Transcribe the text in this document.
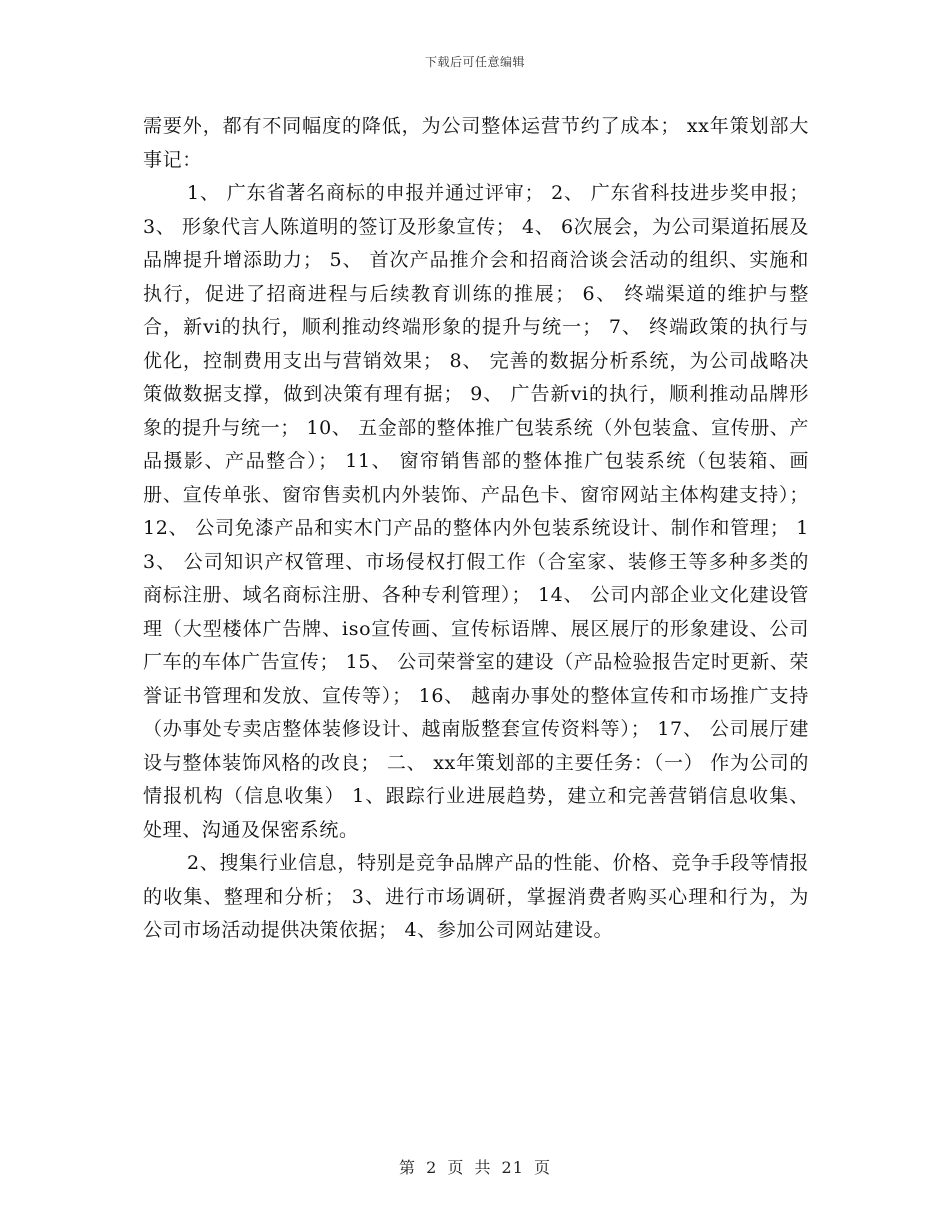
下载后可任意编辑

需要外，都有不同幅度的降低，为公司整体运营节约了成本； xx年策划部大事记：

1、 广东省著名商标的申报并通过评审； 2、 广东省科技进步奖申报； 3、 形象代言人陈道明的签订及形象宣传； 4、 6次展会，为公司渠道拓展及品牌提升增添助力； 5、 首次产品推介会和招商洽谈会活动的组织、实施和执行，促进了招商进程与后续教育训练的推展； 6、 终端渠道的维护与整合，新vi的执行，顺利推动终端形象的提升与统一； 7、 终端政策的执行与优化，控制费用支出与营销效果； 8、 完善的数据分析系统，为公司战略决策做数据支撑，做到决策有理有据； 9、 广告新vi的执行，顺利推动品牌形象的提升与统一； 10、 五金部的整体推广包装系统（外包装盒、宣传册、产品摄影、产品整合）； 11、 窗帘销售部的整体推广包装系统（包装箱、画册、宣传单张、窗帘售卖机内外装饰、产品色卡、窗帘网站主体构建支持）； 12、 公司免漆产品和实木门产品的整体内外包装系统设计、制作和管理； 13、 公司知识产权管理、市场侵权打假工作（合室家、装修王等多种多类的商标注册、域名商标注册、各种专利管理）； 14、 公司内部企业文化建设管理（大型楼体广告牌、iso宣传画、宣传标语牌、展区展厅的形象建设、公司厂车的车体广告宣传； 15、 公司荣誉室的建设（产品检验报告定时更新、荣誉证书管理和发放、宣传等）； 16、 越南办事处的整体宣传和市场推广支持（办事处专卖店整体装修设计、越南版整套宣传资料等）； 17、 公司展厅建设与整体装饰风格的改良； 二、 xx年策划部的主要任务：（一） 作为公司的情报机构（信息收集） 1、跟踪行业进展趋势，建立和完善营销信息收集、处理、沟通及保密系统。

2、搜集行业信息，特别是竞争品牌产品的性能、价格、竞争手段等情报的收集、整理和分析； 3、进行市场调研，掌握消费者购买心理和行为，为公司市场活动提供决策依据； 4、参加公司网站建设。

第 2 页 共 21 页
